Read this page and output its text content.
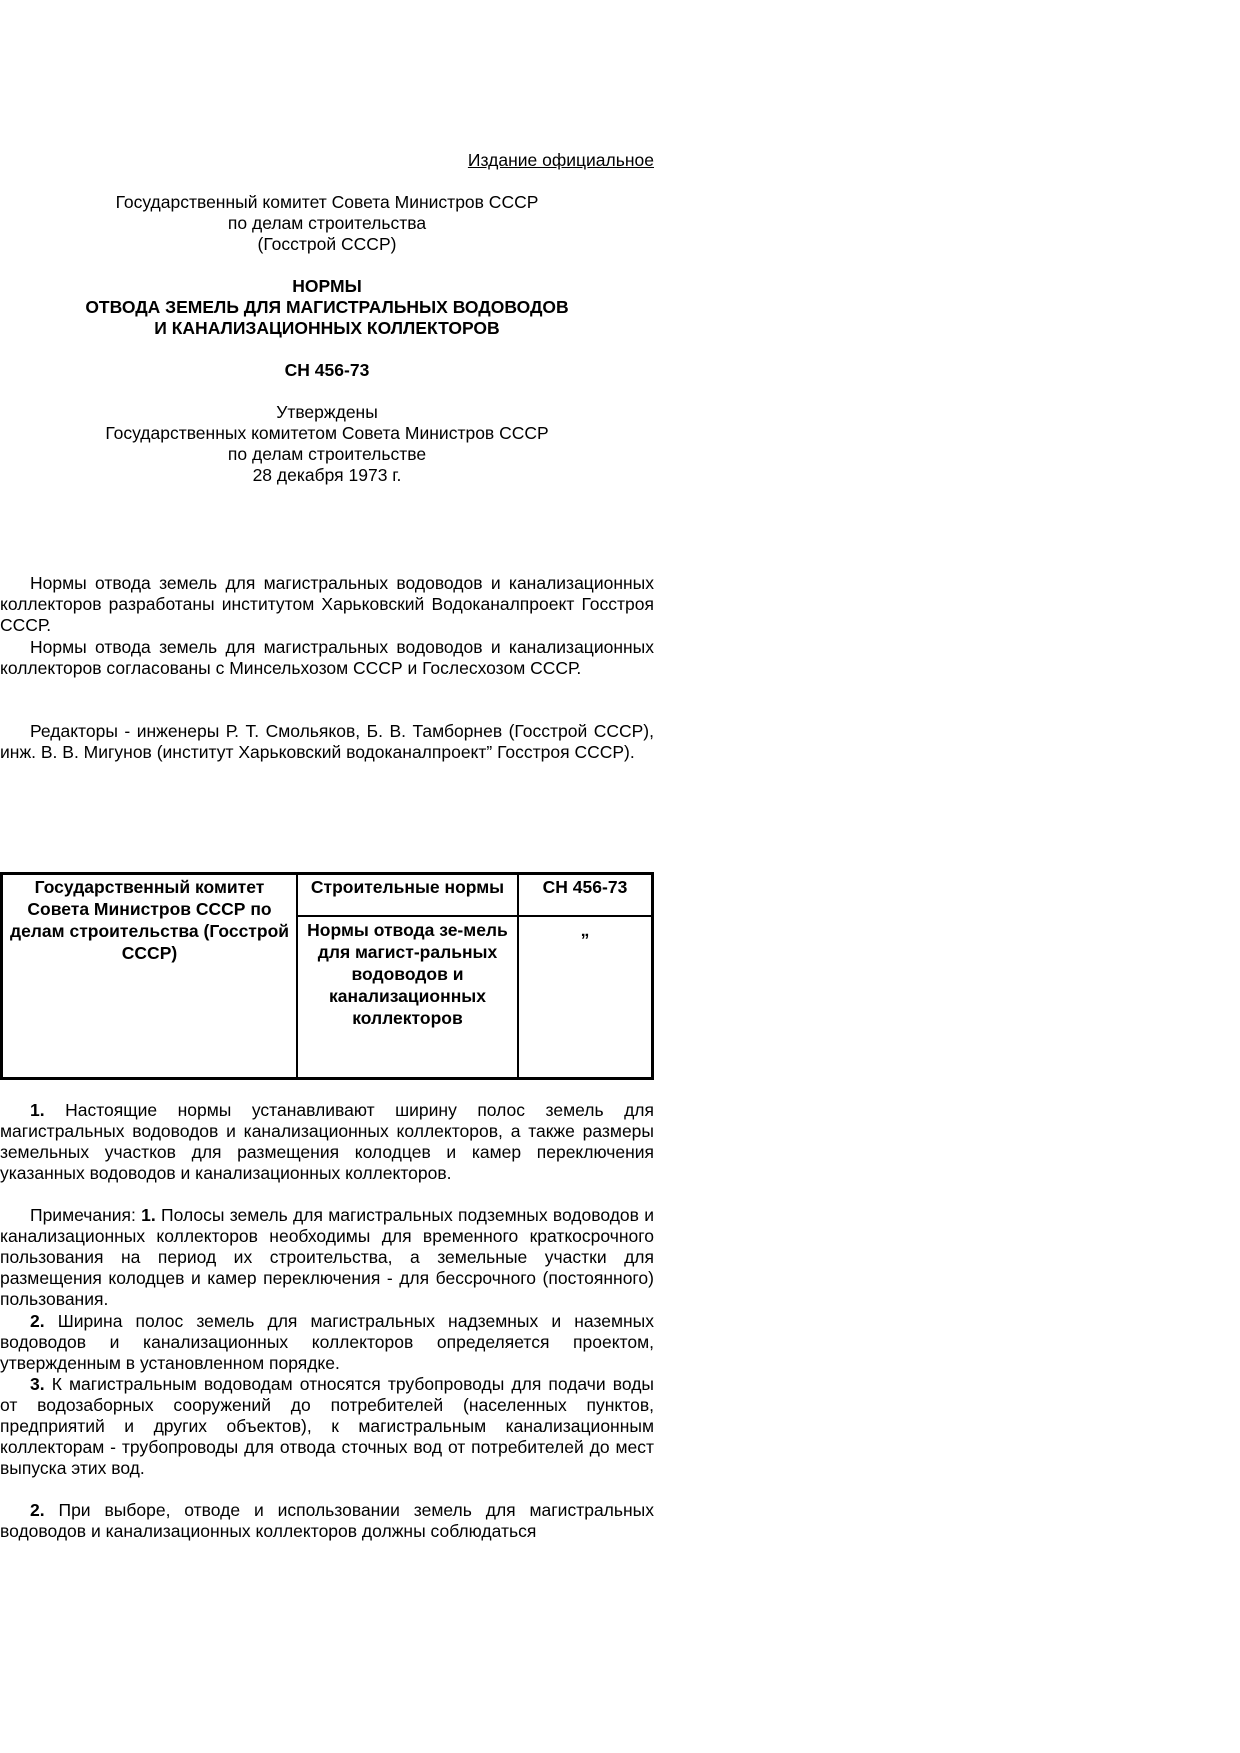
Издание официальное
Государственный комитет Совета Министров СССР
по делам строительства
(Госстрой СССР)
НОРМЫ
ОТВОДА ЗЕМЕЛЬ ДЛЯ МАГИСТРАЛЬНЫХ ВОДОВОДОВ
И КАНАЛИЗАЦИОННЫХ КОЛЛЕКТОРОВ
СН 456-73
Утверждены
Государственных комитетом Совета Министров СССР
по делам строительстве
28 декабря 1973 г.

Нормы отвода земель для магистральных водоводов и канализационных коллекторов разработаны институтом Харьковский Водоканалпроект Госстроя СССР.

Нормы отвода земель для магистральных водоводов и канализационных коллекторов согласованы с Минсельхозом СССР и Гослесхозом СССР.

Редакторы - инженеры Р. Т. Смольяков, Б. В. Тамборнев (Госстрой СССР), инж. В. В. Мигунов (институт Харьковский водоканалпроект” Госстроя СССР).

Государственный комитет Совета Министров СССР по делам строительства (Госстрой СССР)	Строительные нормы	СН 456-73
	Нормы отвода зе-мель для магист-ральных водоводов и канализационных коллекторов	„

1. Настоящие нормы устанавливают ширину полос земель для магистральных водоводов и канализационных коллекторов, а также размеры земельных участков для размещения колодцев и камер переключения указанных водоводов и канализационных коллекторов.

Примечания: 1. Полосы земель для магистральных подземных водоводов и канализационных коллекторов необходимы для временного краткосрочного пользования на период их строительства, а земельные участки для размещения колодцев и камер переключения - для бессрочного (постоянного) пользования.

2. Ширина полос земель для магистральных надземных и наземных водоводов и канализационных коллекторов определяется проектом, утвержденным в установленном порядке.

3. К магистральным водоводам относятся трубопроводы для подачи воды от водозаборных сооружений до потребителей (населенных пунктов, предприятий и других объектов), к магистральным канализационным коллекторам - трубопроводы для отвода сточных вод от потребителей до мест выпуска этих вод.

2. При выборе, отводе и использовании земель для магистральных водоводов и канализационных коллекторов должны соблюдаться
